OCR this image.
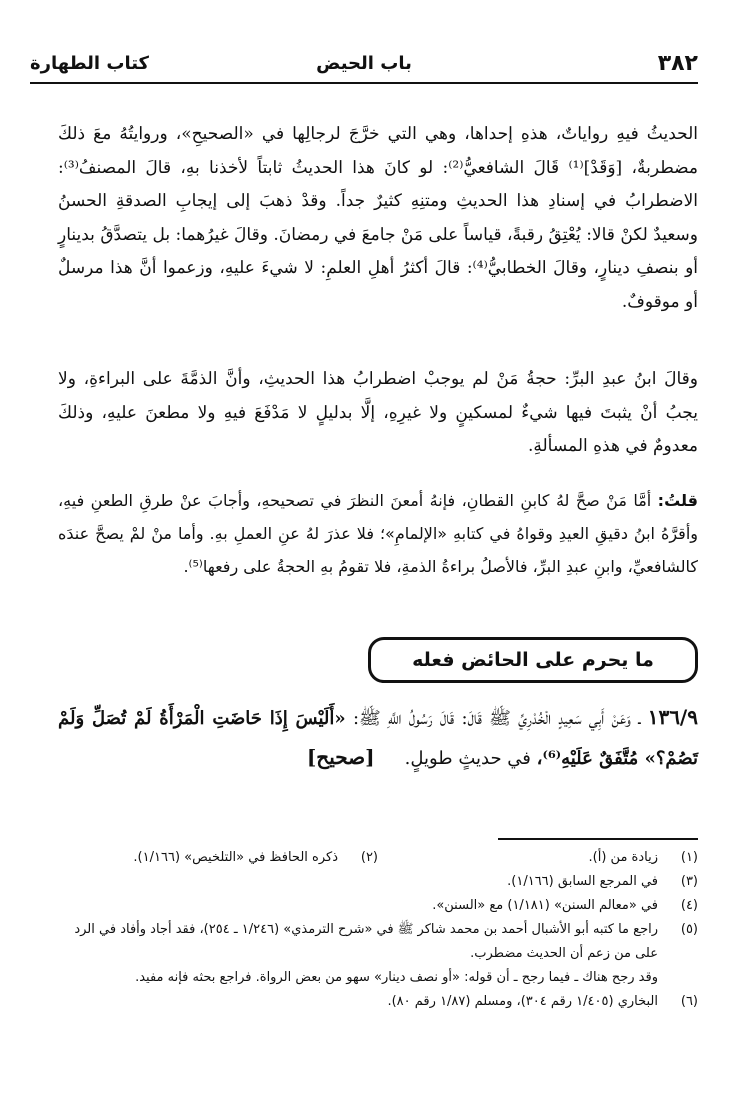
٣٨٢
باب الحيض
كتاب الطهارة

الحديثُ فيهِ رواياتٌ، هذهِ إحداها، وهي التي خرَّجَ لرجالِها في «الصحيحِ»، وروايتُهُ معَ ذلكَ مضطربةٌ، [وَقَدْ]⁽¹⁾ قَالَ الشافعيُّ⁽²⁾: لو كانَ هذا الحديثُ ثابتاً لأخذنا بهِ، قالَ المصنفُ⁽³⁾: الاضطرابُ في إسنادِ هذا الحديثِ ومتنِهِ كثيرٌ جداً. وقدْ ذهبَ إلى إيجابِ الصدقةِ الحسنُ وسعيدٌ لكنْ قالا: يُعْتِقُ رقبةً، قياساً على مَنْ جامعَ في رمضانَ. وقالَ غيرُهما: بل يتصدَّقُ بدينارٍ أو بنصفِ دينارٍ، وقالَ الخطابيُّ⁽⁴⁾: قالَ أكثرُ أهلِ العلمِ: لا شيءَ عليهِ، وزعموا أنَّ هذا مرسلٌ أو موقوفٌ.

وقالَ ابنُ عبدِ البرِّ: حجةُ مَنْ لم يوجبْ اضطرابُ هذا الحديثِ، وأنَّ الذمَّةَ على البراءةِ، ولا يجبُ أنْ يثبتَ فيها شيءٌ لمسكينٍ ولا غيرِهِ، إلَّا بدليلٍ لا مَدْفَعَ فيهِ ولا مطعنَ عليهِ، وذلكَ معدومٌ في هذهِ المسألةِ.

قلتُ: أمَّا مَنْ صحَّ لهُ كابنِ القطانِ، فإنهُ أمعنَ النظرَ في تصحيحهِ، وأجابَ عنْ طرقِ الطعنِ فيهِ، وأقرَّهُ ابنُ دقيقِ العيدِ وقواهُ في كتابهِ «الإلمامِ»؛ فلا عذرَ لهُ عنِ العملِ بهِ. وأما منْ لمْ يصحَّ عندَه كالشافعيِّ، وابنِ عبدِ البرِّ، فالأصلُ براءةُ الذمةِ، فلا تقومُ بهِ الحجةُ على رفعها⁽⁵⁾.

ما يحرم على الحائض فعله

١٣٦/٩ ـ وَعَنْ أَبِي سَعِيدٍ الْخُدْرِيِّ ﷺ قَالَ: قَالَ رَسُولُ اللَّهِ ﷺ: «أَلَيْسَ إِذَا حَاضَتِ الْمَرْأَةُ لَمْ تُصَلِّ وَلَمْ تَصُمْ؟» مُتَّفَقٌ عَلَيْهِ⁽⁶⁾، في حديثٍ طويلٍ.[صحيح]

(١)
زيادة من (أ).
(٢)
ذكره الحافظ في «التلخيص» (١/١٦٦).
(٣)
في المرجع السابق (١/١٦٦).
(٤)
في «معالم السنن» (١/١٨١) مع «السنن».
(٥)
راجع ما كتبه أبو الأشبال أحمد بن محمد شاكر ﷺ في «شرح الترمذي» (١/٢٤٦ ـ ٢٥٤)، فقد أجاد وأفاد في الرد على من زعم أن الحديث مضطرب.
وقد رجح هناك ـ فيما رجح ـ أن قوله: «أو نصف دينار» سهو من بعض الرواة. فراجع بحثه فإنه مفيد.
(٦)
البخاري (١/٤٠٥ رقم ٣٠٤)، ومسلم (١/٨٧ رقم ٨٠).
